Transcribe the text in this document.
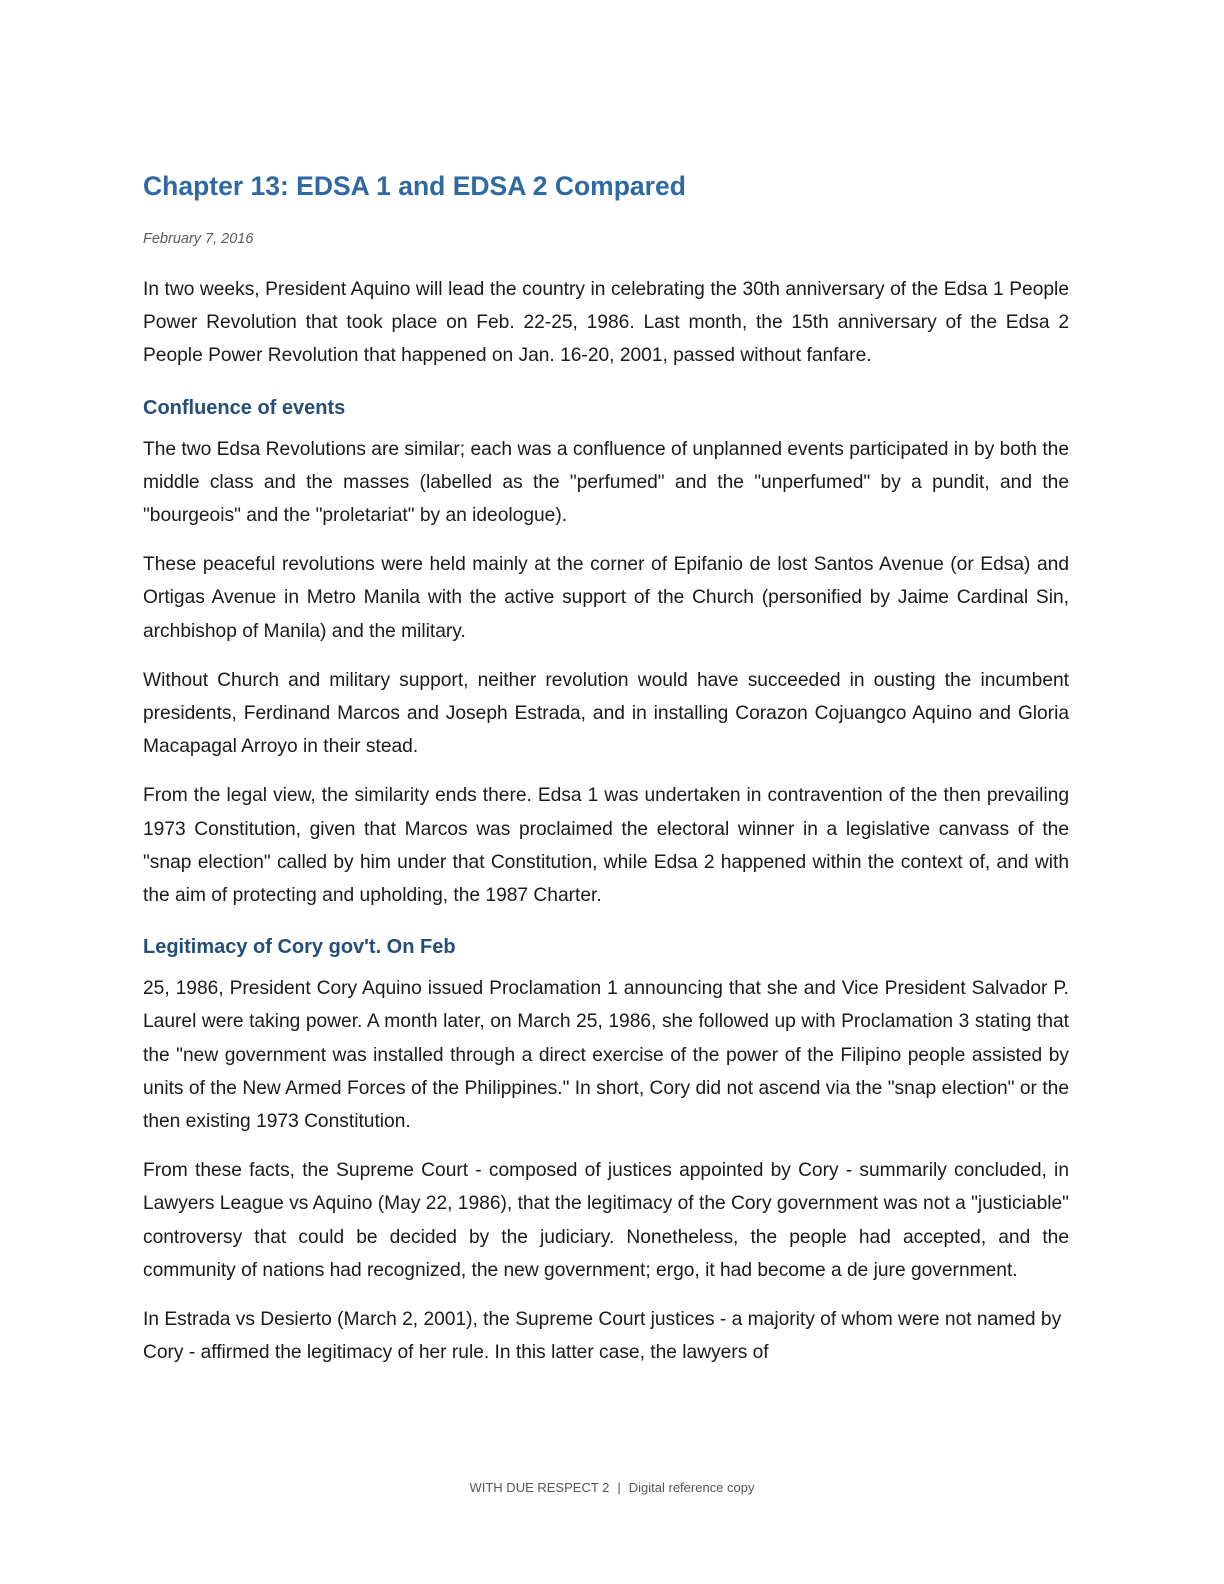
Chapter 13: EDSA 1 and EDSA 2 Compared

February 7, 2016

In two weeks, President Aquino will lead the country in celebrating the 30th anniversary of the Edsa 1 People Power Revolution that took place on Feb. 22-25, 1986. Last month, the 15th anniversary of the Edsa 2 People Power Revolution that happened on Jan. 16-20, 2001, passed without fanfare.

Confluence of events

The two Edsa Revolutions are similar; each was a confluence of unplanned events participated in by both the middle class and the masses (labelled as the "perfumed" and the "unperfumed" by a pundit, and the "bourgeois" and the "proletariat" by an ideologue).

These peaceful revolutions were held mainly at the corner of Epifanio de lost Santos Avenue (or Edsa) and Ortigas Avenue in Metro Manila with the active support of the Church (personified by Jaime Cardinal Sin, archbishop of Manila) and the military.

Without Church and military support, neither revolution would have succeeded in ousting the incumbent presidents, Ferdinand Marcos and Joseph Estrada, and in installing Corazon Cojuangco Aquino and Gloria Macapagal Arroyo in their stead.

From the legal view, the similarity ends there. Edsa 1 was undertaken in contravention of the then prevailing 1973 Constitution, given that Marcos was proclaimed the electoral winner in a legislative canvass of the "snap election" called by him under that Constitution, while Edsa 2 happened within the context of, and with the aim of protecting and upholding, the 1987 Charter.

Legitimacy of Cory gov't. On Feb

25, 1986, President Cory Aquino issued Proclamation 1 announcing that she and Vice President Salvador P. Laurel were taking power. A month later, on March 25, 1986, she followed up with Proclamation 3 stating that the "new government was installed through a direct exercise of the power of the Filipino people assisted by units of the New Armed Forces of the Philippines." In short, Cory did not ascend via the "snap election" or the then existing 1973 Constitution.

From these facts, the Supreme Court - composed of justices appointed by Cory - summarily concluded, in Lawyers League vs Aquino (May 22, 1986), that the legitimacy of the Cory government was not a "justiciable" controversy that could be decided by the judiciary. Nonetheless, the people had accepted, and the community of nations had recognized, the new government; ergo, it had become a de jure government.

In Estrada vs Desierto (March 2, 2001), the Supreme Court justices - a majority of whom were not named by Cory - affirmed the legitimacy of her rule. In this latter case, the lawyers of

WITH DUE RESPECT 2 | Digital reference copy
